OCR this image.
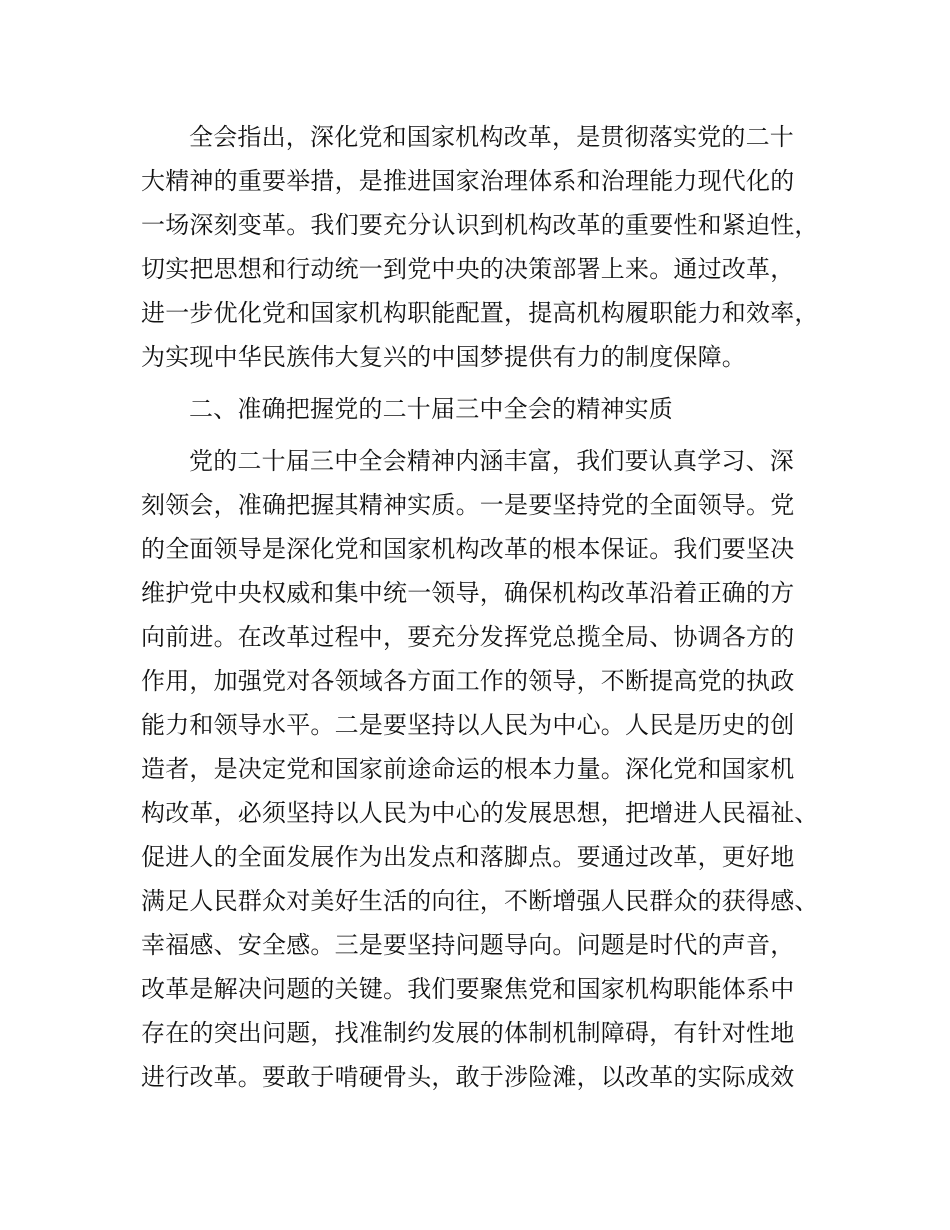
全会指出，深化党和国家机构改革，是贯彻落实党的二十
大精神的重要举措，是推进国家治理体系和治理能力现代化的
一场深刻变革。我们要充分认识到机构改革的重要性和紧迫性，
切实把思想和行动统一到党中央的决策部署上来。通过改革，
进一步优化党和国家机构职能配置，提高机构履职能力和效率，
为实现中华民族伟大复兴的中国梦提供有力的制度保障。
二、准确把握党的二十届三中全会的精神实质
党的二十届三中全会精神内涵丰富，我们要认真学习、深
刻领会，准确把握其精神实质。一是要坚持党的全面领导。党
的全面领导是深化党和国家机构改革的根本保证。我们要坚决
维护党中央权威和集中统一领导，确保机构改革沿着正确的方
向前进。在改革过程中，要充分发挥党总揽全局、协调各方的
作用，加强党对各领域各方面工作的领导，不断提高党的执政
能力和领导水平。二是要坚持以人民为中心。人民是历史的创
造者，是决定党和国家前途命运的根本力量。深化党和国家机
构改革，必须坚持以人民为中心的发展思想，把增进人民福祉、
促进人的全面发展作为出发点和落脚点。要通过改革，更好地
满足人民群众对美好生活的向往，不断增强人民群众的获得感、
幸福感、安全感。三是要坚持问题导向。问题是时代的声音，
改革是解决问题的关键。我们要聚焦党和国家机构职能体系中
存在的突出问题，找准制约发展的体制机制障碍，有针对性地
进行改革。要敢于啃硬骨头，敢于涉险滩，以改革的实际成效
